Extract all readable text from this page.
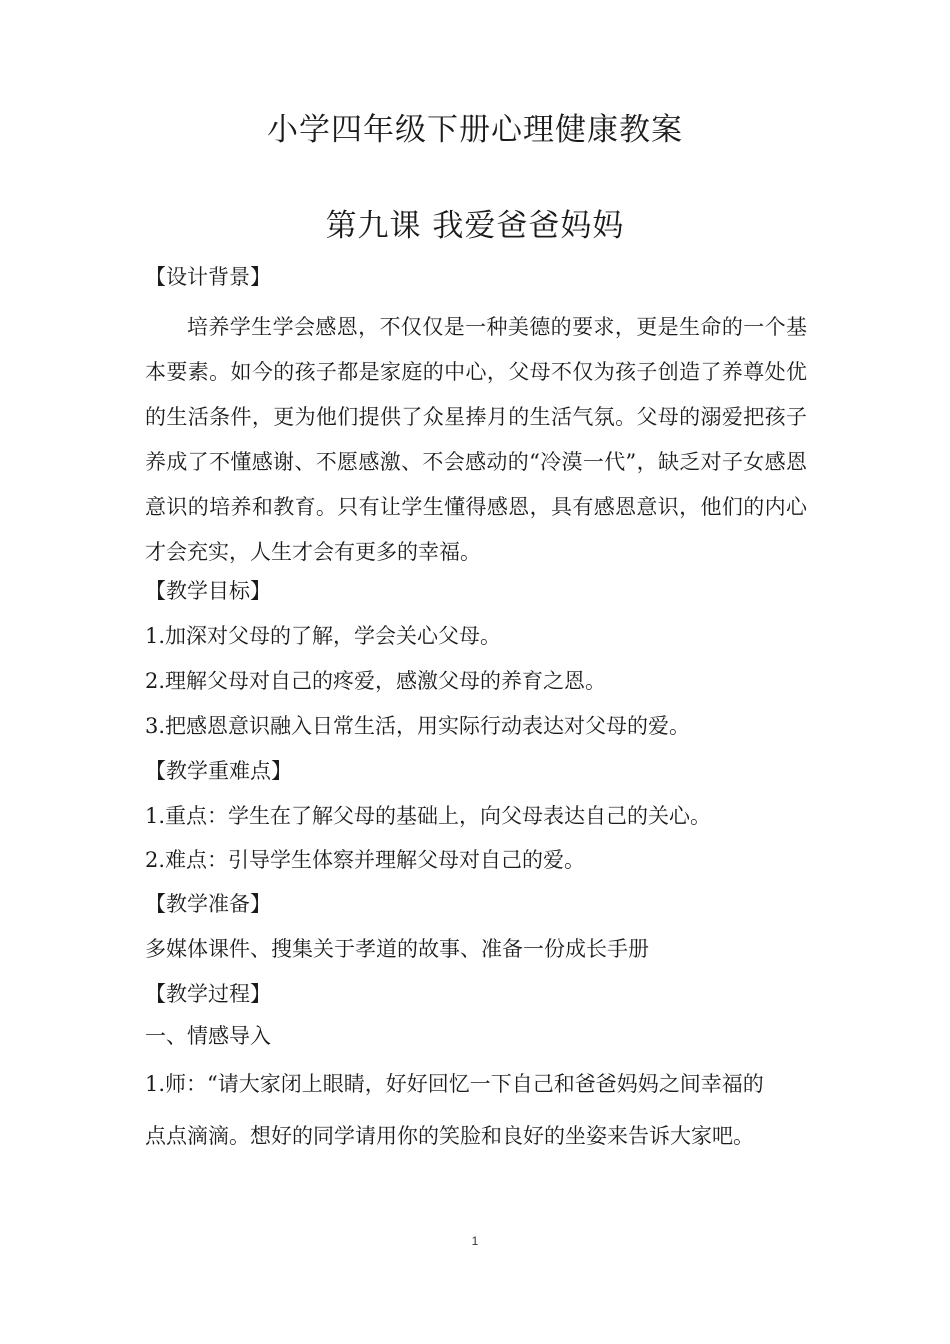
小学四年级下册心理健康教案
第九课 我爱爸爸妈妈
【设计背景】
培养学生学会感恩，不仅仅是一种美德的要求，更是生命的一个基本要素。如今的孩子都是家庭的中心，父母不仅为孩子创造了养尊处优的生活条件，更为他们提供了众星捧月的生活气氛。父母的溺爱把孩子养成了不懂感谢、不愿感激、不会感动的“冷漠一代”，缺乏对子女感恩意识的培养和教育。只有让学生懂得感恩，具有感恩意识，他们的内心才会充实，人生才会有更多的幸福。
【教学目标】
1.加深对父母的了解，学会关心父母。
2.理解父母对自己的疼爱，感激父母的养育之恩。
3.把感恩意识融入日常生活，用实际行动表达对父母的爱。
【教学重难点】
1.重点：学生在了解父母的基础上，向父母表达自己的关心。
2.难点：引导学生体察并理解父母对自己的爱。
【教学准备】
多媒体课件、搜集关于孝道的故事、准备一份成长手册
【教学过程】
一、情感导入
1.师：“请大家闭上眼睛，好好回忆一下自己和爸爸妈妈之间幸福的
点点滴滴。想好的同学请用你的笑脸和良好的坐姿来告诉大家吧。
1
